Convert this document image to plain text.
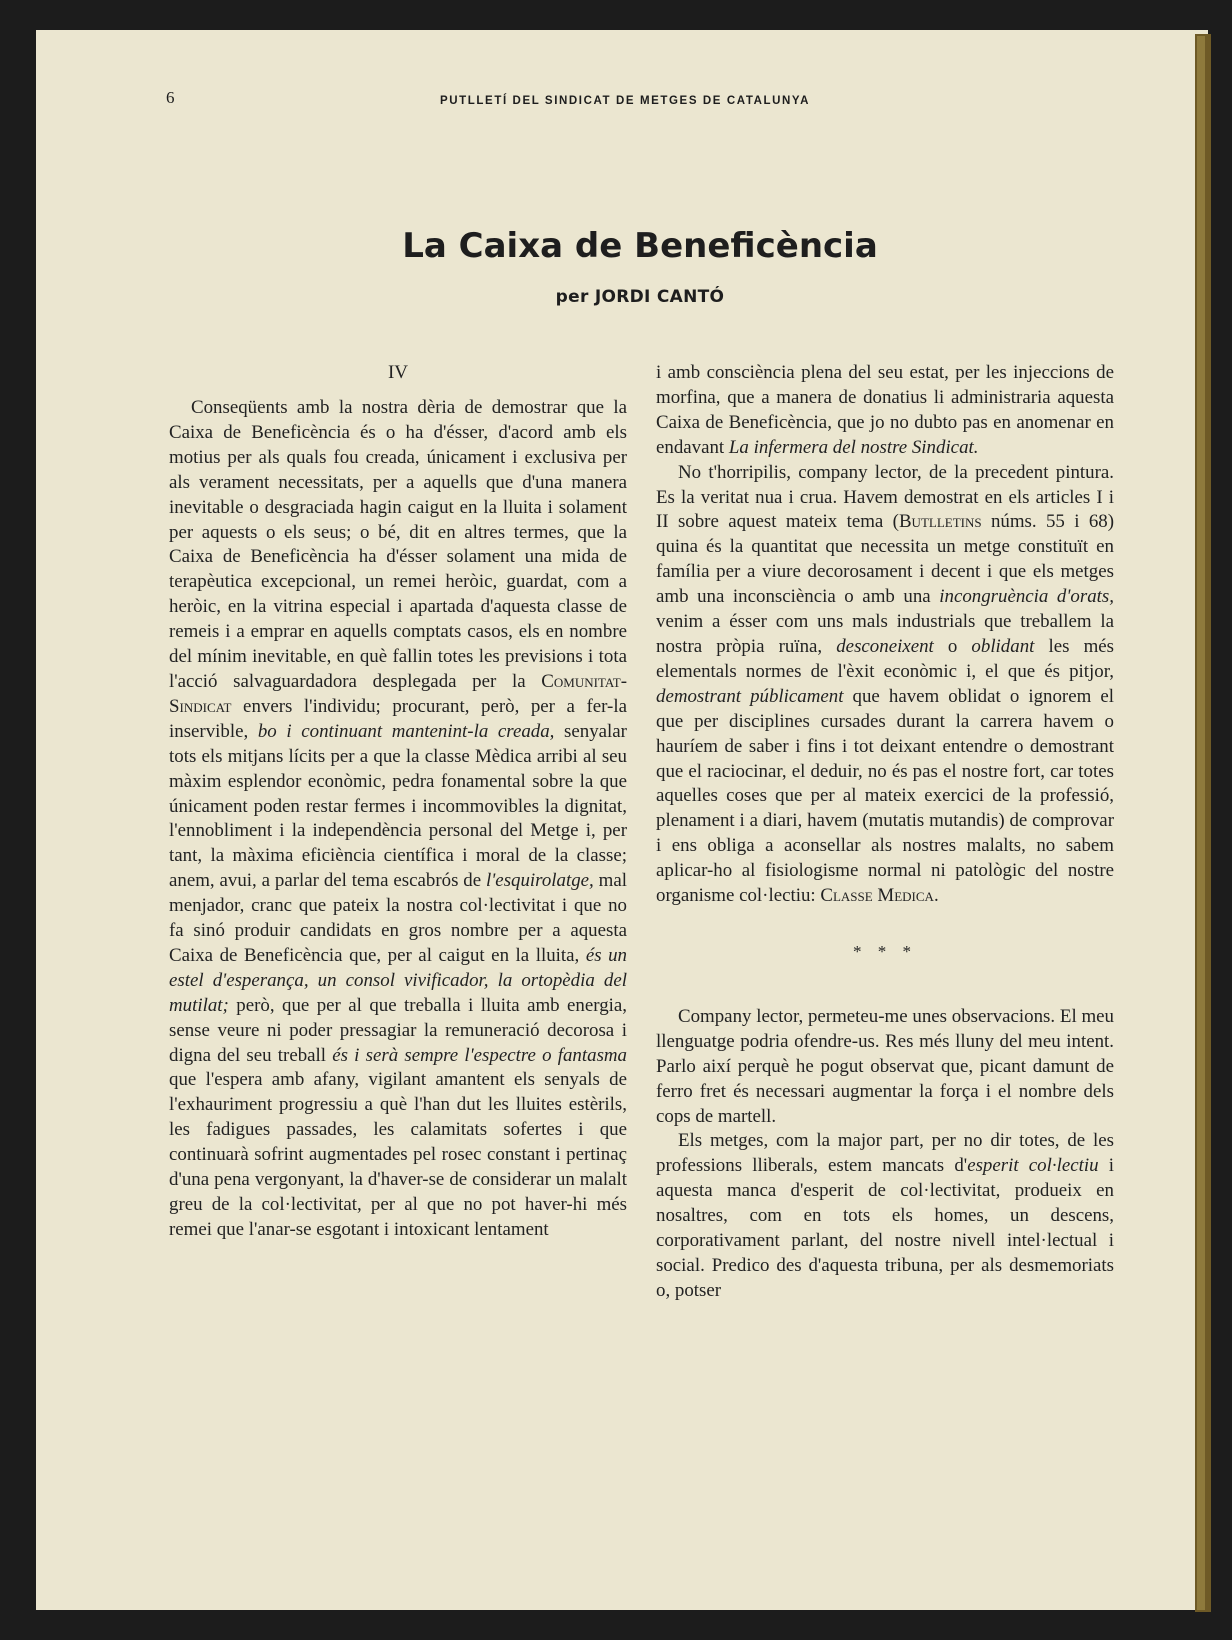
6	PUTLLETÍ DEL SINDICAT DE METGES DE CATALUNYA
La Caixa de Beneficència
per JORDI CANTÓ
IV

Conseqüents amb la nostra dèria de demostrar que la Caixa de Beneficència és o ha d'ésser, d'acord amb els motius per als quals fou creada, únicament i exclusiva per als verament necessitats, per a aquells que d'una manera inevitable o desgraciada hagin caigut en la lluita i solament per aquests o els seus; o bé, dit en altres termes, que la Caixa de Beneficència ha d'ésser solament una mida de terapèutica excepcional, un remei heròic, guardat, com a heròic, en la vitrina especial i apartada d'aquesta classe de remeis i a emprar en aquells comptats casos, els en nombre del mínim inevitable, en què fallin totes les previsions i tota l'acció salvaguardadora desplegada per la Comunitat-Sindicat envers l'individu; procurant, però, per a fer-la inservible, bo i continuant mantenint-la creada, senyalar tots els mitjans lícits per a que la classe Mèdica arribi al seu màxim esplendor econòmic, pedra fonamental sobre la que únicament poden restar fermes i incommovibles la dignitat, l'ennobliment i la independència personal del Metge i, per tant, la màxima eficiència científica i moral de la classe; anem, avui, a parlar del tema escabrós de l'esquirolatge, mal menjador, cranc que pateix la nostra col·lectivitat i que no fa sinó produir candidats en gros nombre per a aquesta Caixa de Beneficència que, per al caigut en la lluita, és un estel d'esperança, un consol vivificador, la ortopèdia del mutilat; però, que per al que treballa i lluita amb energia, sense veure ni poder pressagiar la remuneració decorosa i digna del seu treball és i serà sempre l'espectre o fantasma que l'espera amb afany, vigilant amantent els senyals de l'exhauriment progressiu a què l'han dut les lluites estèrils, les fadigues passades, les calamitats sofertes i que continuarà sofrint augmentades pel rosec constant i pertinaç d'una pena vergonyant, la d'haver-se de considerar un malalt greu de la col·lectivitat, per al que no pot haver-hi més remei que l'anar-se esgotant i intoxicant lentament

i amb consciència plena del seu estat, per les injeccions de morfina, que a manera de donatius li administraria aquesta Caixa de Beneficència, que jo no dubto pas en anomenar en endavant La infermera del nostre Sindicat.

No t'horripilis, company lector, de la precedent pintura. Es la veritat nua i crua. Havem demostrat en els articles I i II sobre aquest mateix tema (Butlletins núms. 55 i 68) quina és la quantitat que necessita un metge constituït en família per a viure decorosament i decent i que els metges amb una inconsciència o amb una incongruència d'orats, venim a ésser com uns mals industrials que treballem la nostra pròpia ruïna, desconeixent o oblidant les més elementals normes de l'èxit econòmic i, el que és pitjor, demostrant públicament que havem oblidat o ignorem el que per disciplines cursades durant la carrera havem o hauríem de saber i fins i tot deixant entendre o demostrant que el raciocinar, el deduir, no és pas el nostre fort, car totes aquelles coses que per al mateix exercici de la professió, plenament i a diari, havem (mutatis mutandis) de comprovar i ens obliga a aconsellar als nostres malalts, no sabem aplicar-ho al fisiologisme normal ni patològic del nostre organisme col·lectiu: Classe Medica.

* * *

Company lector, permeteu-me unes observacions. El meu llenguatge podria ofendre-us. Res més lluny del meu intent. Parlo així perquè he pogut observat que, picant damunt de ferro fret és necessari augmentar la força i el nombre dels cops de martell.

Els metges, com la major part, per no dir totes, de les professions lliberals, estem mancats d'esperit col·lectiu i aquesta manca d'esperit de col·lectivitat, produeix en nosaltres, com en tots els homes, un descens, corporativament parlant, del nostre nivell intel·lectual i social. Predico des d'aquesta tribuna, per als desmemoriats o, potser
